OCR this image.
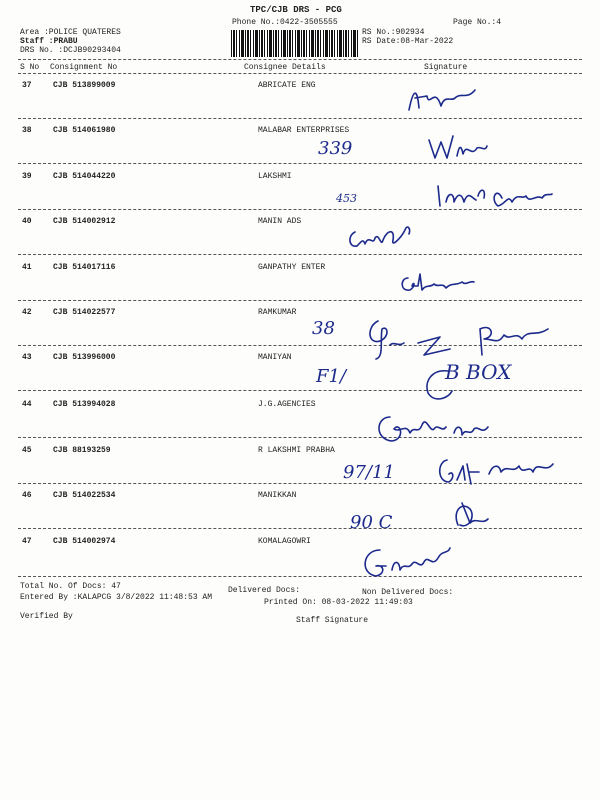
TPC/CJB DRS - PCG
Phone No.:0422-3505555	Page No.:4
Area :POLICE QUATERES
Staff :PRABU
DRS No. :DCJB90293404
RS No.:902934
RS Date:08-Mar-2022
S No Consignment No	Consignee Details	Signature
37	CJB 513899009	ABRICATE ENG
38	CJB 514061980	MALABAR ENTERPRISES
39	CJB 514044220	LAKSHMI
40	CJB 514002912	MANIN ADS
41	CJB 514017116	GANPATHY ENTER
42	CJB 514022577	RAMKUMAR
43	CJB 513996000	MANIYAN
44	CJB 513994028	J.G.AGENCIES
45	CJB 88193259	R LAKSHMI PRABHA
46	CJB 514022534	MANIKKAN
47	CJB 514002974	KOMALAGOWRI
339
453
38
F1/	B BOX
97/11
90 C
Total No. Of Docs: 47	Delivered Docs:	Non Delivered Docs:
Entered By :KALAPCG 3/8/2022 11:48:53 AM
Printed On: 08-03-2022 11:49:03
Verified By	Staff Signature
